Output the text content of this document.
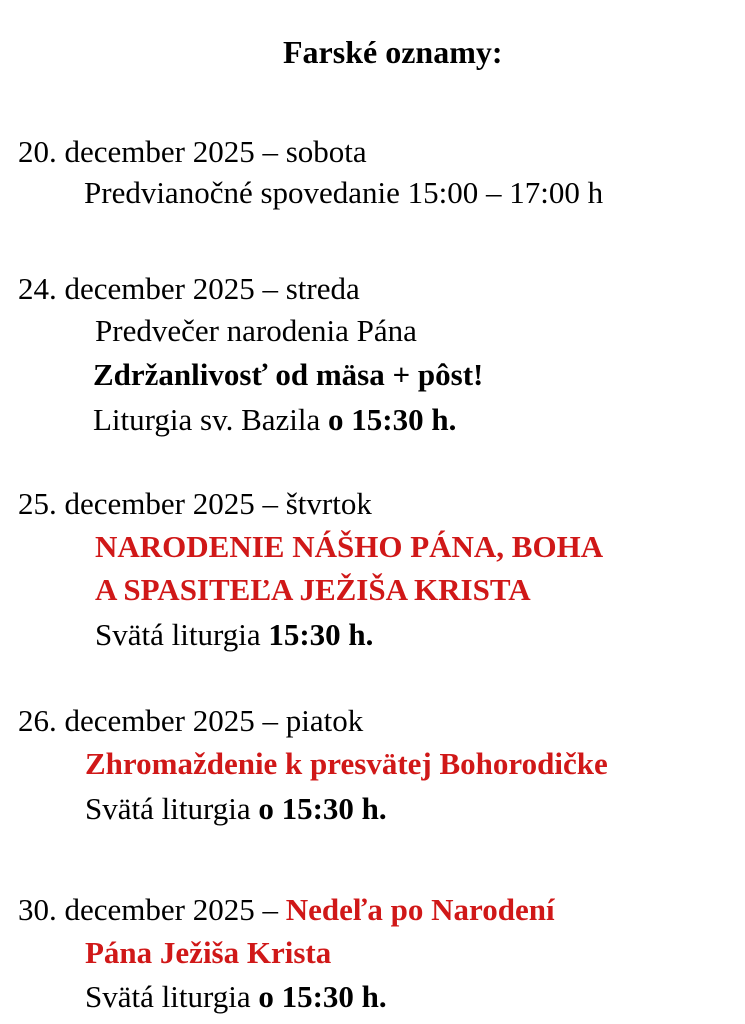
Farské oznamy:
20. december 2025 – sobota
Predvianočné spovedanie 15:00 – 17:00 h
24. december 2025 – streda
Predvečer narodenia Pána
Zdržanlivosť od mäsa + pôst!
Liturgia sv. Bazila o 15:30 h.
25. december 2025 – štvrtok
NARODENIE NÁŠHO PÁNA, BOHA
A SPASITEĽA JEŽIŠA KRISTA
Svätá liturgia 15:30 h.
26. december 2025 – piatok
Zhromaždenie k presvätej Bohorodičke
Svätá liturgia o 15:30 h.
30. december 2025 – Nedeľa po Narodení
Pána Ježiša Krista
Svätá liturgia o 15:30 h.
